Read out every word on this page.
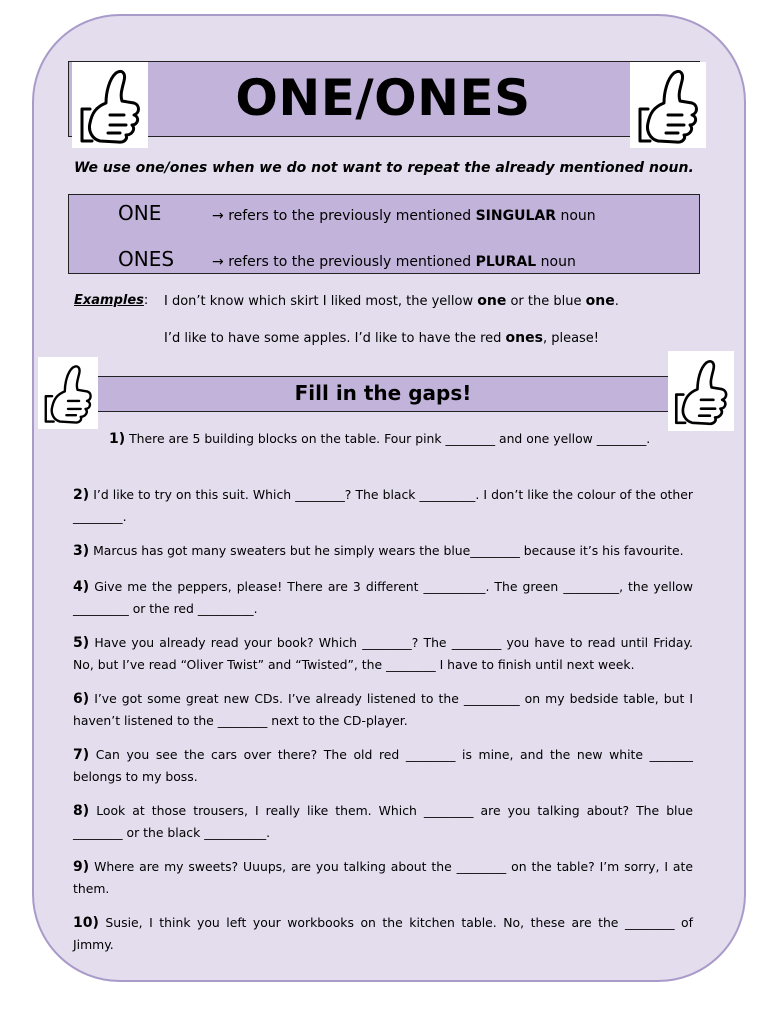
ONE/ONES
We use one/ones when we do not want to repeat the already mentioned noun.
ONE	→ refers to the previously mentioned SINGULAR noun
ONES	→ refers to the previously mentioned PLURAL noun
Examples: I don’t know which skirt I liked most, the yellow one or the blue one.
I’d like to have some apples. I’d like to have the red ones, please!
Fill in the gaps!
1) There are 5 building blocks on the table. Four pink ________ and one yellow ________.
2) I’d like to try on this suit. Which ________? The black _________. I don’t like the colour of the other ________.
3) Marcus has got many sweaters but he simply wears the blue________ because it’s his favourite.
4) Give me the peppers, please! There are 3 different __________. The green _________, the yellow _________ or the red _________.
5) Have you already read your book? Which ________? The ________ you have to read until Friday. No, but I’ve read “Oliver Twist” and “Twisted”, the ________ I have to finish until next week.
6) I’ve got some great new CDs. I’ve already listened to the _________ on my bedside table, but I haven’t listened to the ________ next to the CD-player.
7) Can you see the cars over there? The old red ________ is mine, and the new white _______ belongs to my boss.
8) Look at those trousers, I really like them. Which ________ are you talking about? The blue ________ or the black __________.
9) Where are my sweets? Uuups, are you talking about the ________ on the table? I’m sorry, I ate them.
10) Susie, I think you left your workbooks on the kitchen table. No, these are the ________ of Jimmy.
